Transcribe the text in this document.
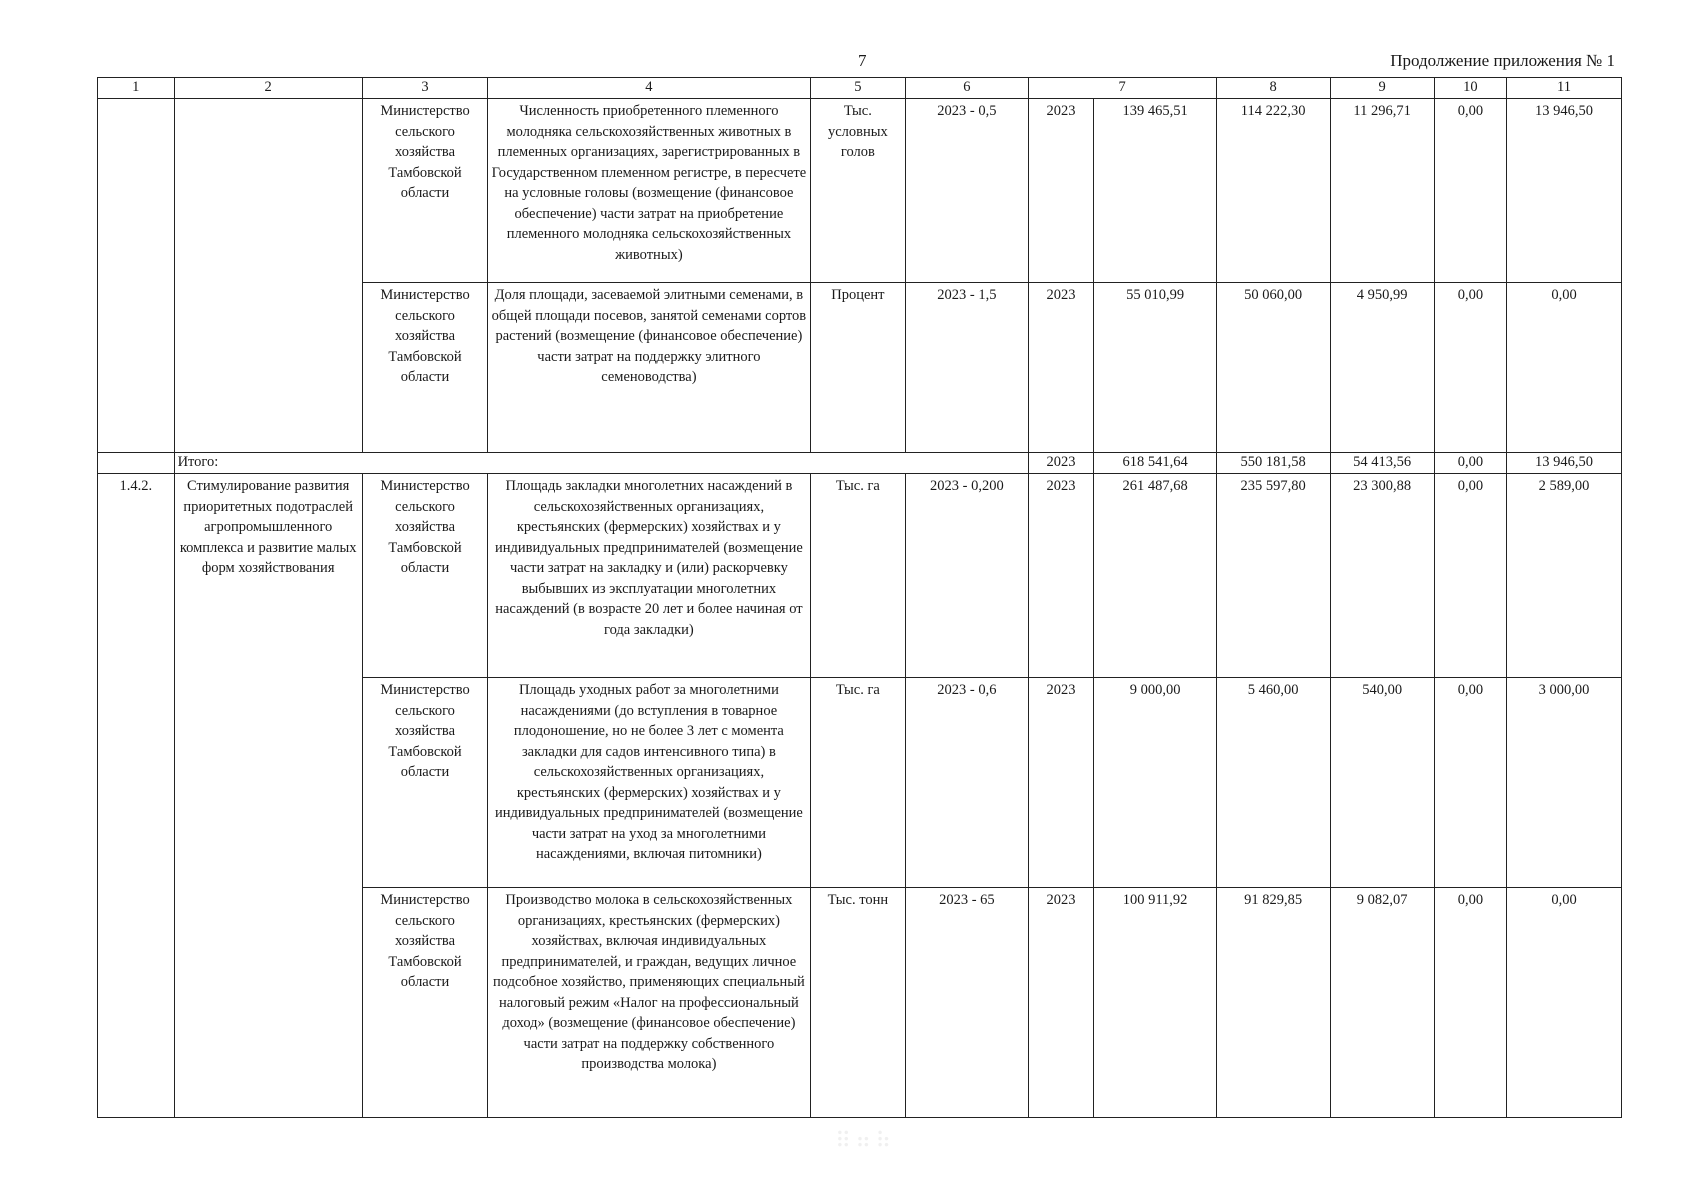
7	Продолжение приложения № 1
1	2	3	4	5	6	7		8	9	10	11
		Министерство сельского хозяйства Тамбовской области	Численность приобретенного племенного молодняка сельскохозяйственных животных в племенных организациях, зарегистрированных в Государственном племенном регистре, в пересчете на условные головы (возмещение (финансовое обеспечение) части затрат на приобретение племенного молодняка сельскохозяйственных животных)	Тыс. условных голов	2023 - 0,5	2023	139 465,51	114 222,30	11 296,71	0,00	13 946,50
		Министерство сельского хозяйства Тамбовской области	Доля площади, засеваемой элитными семенами, в общей площади посевов, занятой семенами сортов растений (возмещение (финансовое обеспечение) части затрат на поддержку элитного семеноводства)	Процент	2023 - 1,5	2023	55 010,99	50 060,00	4 950,99	0,00	0,00
	Итого:					2023	618 541,64	550 181,58	54 413,56	0,00	13 946,50
1.4.2.	Стимулирование развития приоритетных подотраслей агропромышленного комплекса и развитие малых форм хозяйствования	Министерство сельского хозяйства Тамбовской области	Площадь закладки многолетних насаждений в сельскохозяйственных организациях, крестьянских (фермерских) хозяйствах и у индивидуальных предпринимателей (возмещение части затрат на закладку и (или) раскорчевку выбывших из эксплуатации многолетних насаждений (в возрасте 20 лет и более начиная от года закладки)	Тыс. га	2023 - 0,200	2023	261 487,68	235 597,80	23 300,88	0,00	2 589,00
		Министерство сельского хозяйства Тамбовской области	Площадь уходных работ за многолетними насаждениями (до вступления в товарное плодоношение, но не более 3 лет с момента закладки для садов интенсивного типа) в сельскохозяйственных организациях, крестьянских (фермерских) хозяйствах и у индивидуальных предпринимателей (возмещение части затрат на уход за многолетними насаждениями, включая питомники)	Тыс. га	2023 - 0,6	2023	9 000,00	5 460,00	540,00	0,00	3 000,00
		Министерство сельского хозяйства Тамбовской области	Производство молока в сельскохозяйственных организациях, крестьянских (фермерских) хозяйствах, включая индивидуальных предпринимателей, и граждан, ведущих личное подсобное хозяйство, применяющих специальный налоговый режим «Налог на профессиональный доход» (возмещение (финансовое обеспечение) части затрат на поддержку собственного производства молока)	Тыс. тонн	2023 - 65	2023	100 911,92	91 829,85	9 082,07	0,00	0,00
⠿⠶⠷
